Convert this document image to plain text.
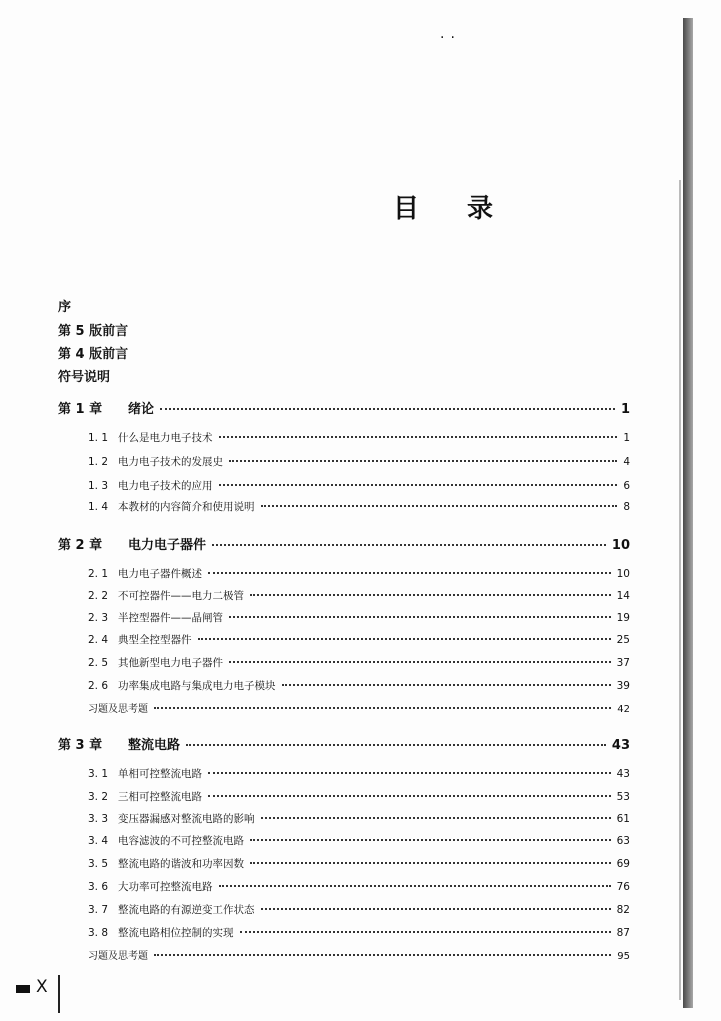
··
目录
序
第 5 版前言
第 4 版前言
符号说明
第 1 章	绪论	1
1. 1 什么是电力电子技术	1
1. 2 电力电子技术的发展史	4
1. 3 电力电子技术的应用	6
1. 4 本教材的内容简介和使用说明	8
第 2 章	电力电子器件	10
2. 1 电力电子器件概述	10
2. 2 不可控器件——电力二极管	14
2. 3 半控型器件——晶闸管	19
2. 4 典型全控型器件	25
2. 5 其他新型电力电子器件	37
2. 6 功率集成电路与集成电力电子模块	39
习题及思考题	42
第 3 章	整流电路	43
3. 1 单相可控整流电路	43
3. 2 三相可控整流电路	53
3. 3 变压器漏感对整流电路的影响	61
3. 4 电容滤波的不可控整流电路	63
3. 5 整流电路的谐波和功率因数	69
3. 6 大功率可控整流电路	76
3. 7 整流电路的有源逆变工作状态	82
3. 8 整流电路相位控制的实现	87
习题及思考题	95
X
